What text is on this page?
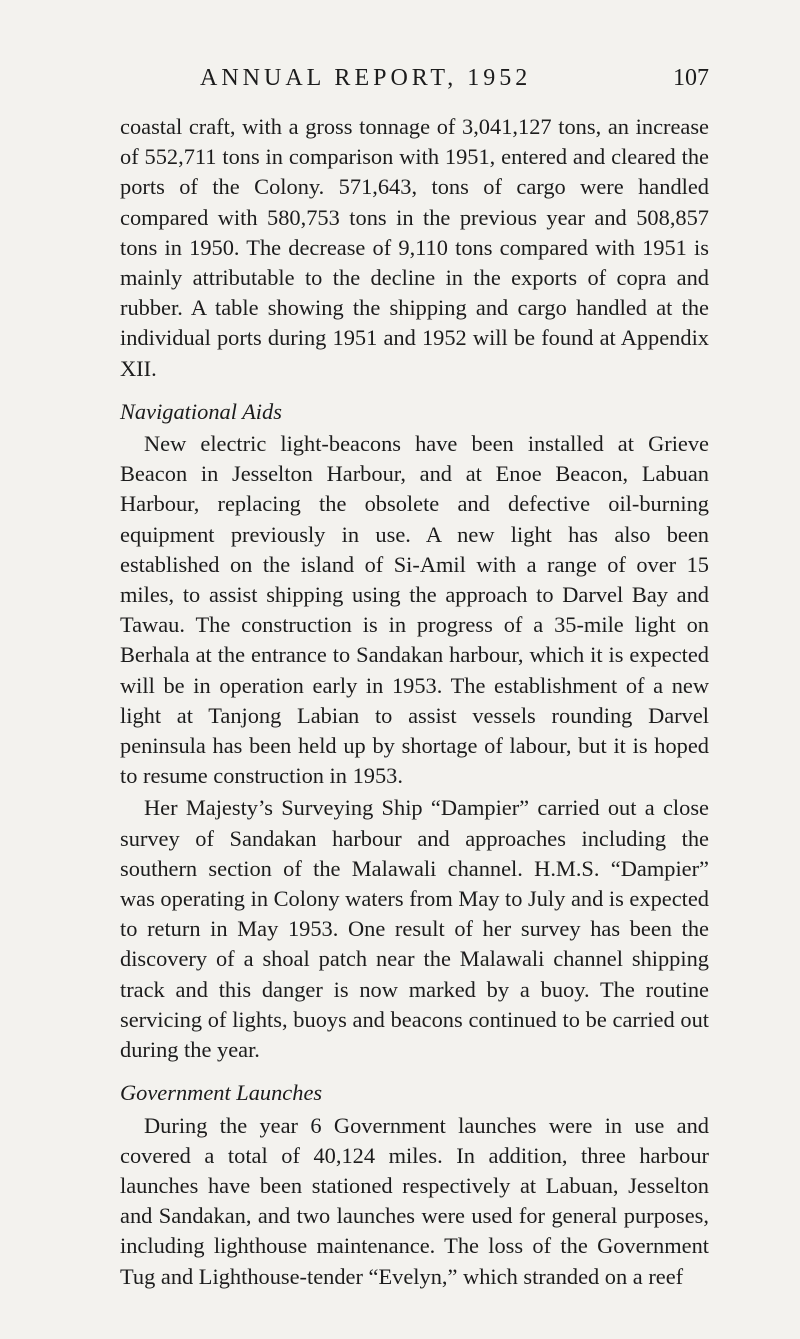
ANNUAL REPORT, 1952	107

coastal craft, with a gross tonnage of 3,041,127 tons, an increase of 552,711 tons in comparison with 1951, entered and cleared the ports of the Colony. 571,643, tons of cargo were handled compared with 580,753 tons in the previous year and 508,857 tons in 1950. The decrease of 9,110 tons compared with 1951 is mainly attributable to the decline in the exports of copra and rubber. A table showing the shipping and cargo handled at the individual ports during 1951 and 1952 will be found at Appendix XII.

Navigational Aids

New electric light-beacons have been installed at Grieve Beacon in Jesselton Harbour, and at Enoe Beacon, Labuan Harbour, replacing the obsolete and defective oil-burning equipment previously in use. A new light has also been established on the island of Si-Amil with a range of over 15 miles, to assist shipping using the approach to Darvel Bay and Tawau. The construction is in progress of a 35-mile light on Berhala at the entrance to Sandakan harbour, which it is expected will be in operation early in 1953. The establishment of a new light at Tanjong Labian to assist vessels rounding Darvel peninsula has been held up by shortage of labour, but it is hoped to resume construction in 1953.

Her Majesty’s Surveying Ship “Dampier” carried out a close survey of Sandakan harbour and approaches including the southern section of the Malawali channel. H.M.S. “Dampier” was operating in Colony waters from May to July and is expected to return in May 1953. One result of her survey has been the discovery of a shoal patch near the Malawali channel shipping track and this danger is now marked by a buoy. The routine servicing of lights, buoys and beacons continued to be carried out during the year.

Government Launches

During the year 6 Government launches were in use and covered a total of 40,124 miles. In addition, three harbour launches have been stationed respectively at Labuan, Jesselton and Sandakan, and two launches were used for general purposes, including lighthouse maintenance. The loss of the Government Tug and Lighthouse-tender “Evelyn,” which stranded on a reef
